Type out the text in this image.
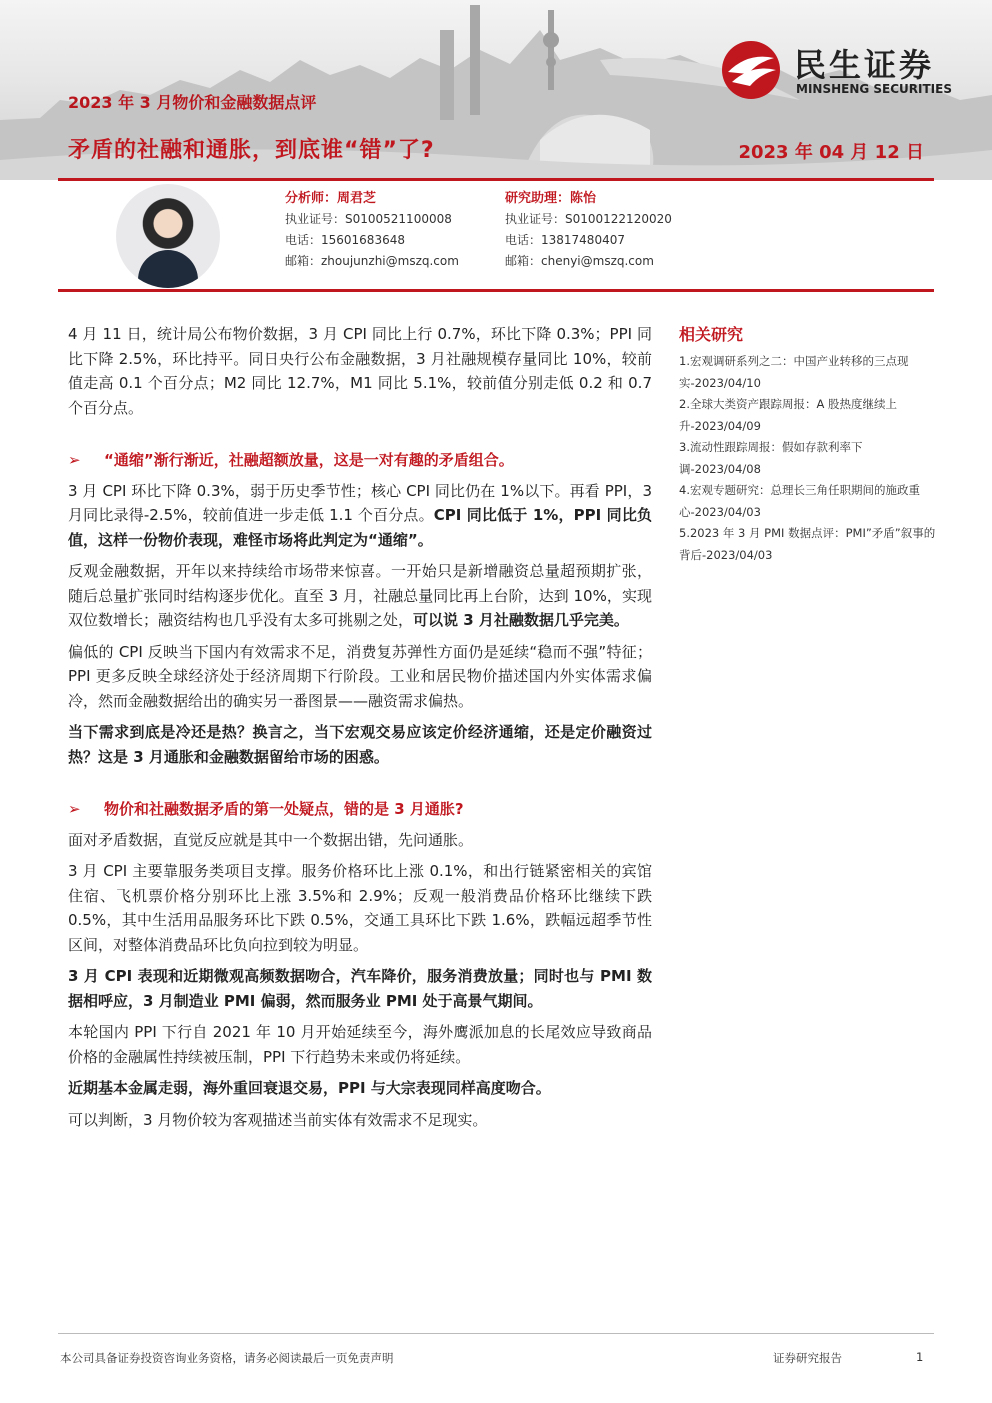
2023 年 3 月物价和金融数据点评
矛盾的社融和通胀，到底谁“错”了?	2023 年 04 月 12 日
民生证券
MINSHENG SECURITIES
分析师：周君芝
执业证号：S0100521100008
电话：15601683648
邮箱：zhoujunzhi@mszq.com
研究助理：陈怡
执业证号：S0100122120020
电话：13817480407
邮箱：chenyi@mszq.com

4 月 11 日，统计局公布物价数据，3 月 CPI 同比上行 0.7%，环比下降 0.3%；PPI 同比下降 2.5%，环比持平。同日央行公布金融数据，3 月社融规模存量同比 10%，较前值走高 0.1 个百分点；M2 同比 12.7%，M1 同比 5.1%，较前值分别走低 0.2 和 0.7 个百分点。

➢ “通缩”渐行渐近，社融超额放量，这是一对有趣的矛盾组合。

3 月 CPI 环比下降 0.3%，弱于历史季节性；核心 CPI 同比仍在 1%以下。再看 PPI，3 月同比录得-2.5%，较前值进一步走低 1.1 个百分点。CPI 同比低于 1%，PPI 同比负值，这样一份物价表现，难怪市场将此判定为“通缩”。

反观金融数据，开年以来持续给市场带来惊喜。一开始只是新增融资总量超预期扩张，随后总量扩张同时结构逐步优化。直至 3 月，社融总量同比再上台阶，达到 10%，实现双位数增长；融资结构也几乎没有太多可挑剔之处，可以说 3 月社融数据几乎完美。

偏低的 CPI 反映当下国内有效需求不足，消费复苏弹性方面仍是延续“稳而不强”特征；PPI 更多反映全球经济处于经济周期下行阶段。工业和居民物价描述国内外实体需求偏冷，然而金融数据给出的确实另一番图景——融资需求偏热。

当下需求到底是冷还是热？换言之，当下宏观交易应该定价经济通缩，还是定价融资过热？这是 3 月通胀和金融数据留给市场的困惑。

➢ 物价和社融数据矛盾的第一处疑点，错的是 3 月通胀?

面对矛盾数据，直觉反应就是其中一个数据出错，先问通胀。

3 月 CPI 主要靠服务类项目支撑。服务价格环比上涨 0.1%，和出行链紧密相关的宾馆住宿、飞机票价格分别环比上涨 3.5%和 2.9%；反观一般消费品价格环比继续下跌 0.5%，其中生活用品服务环比下跌 0.5%，交通工具环比下跌 1.6%，跌幅远超季节性区间，对整体消费品环比负向拉到较为明显。

3 月 CPI 表现和近期微观高频数据吻合，汽车降价，服务消费放量；同时也与 PMI 数据相呼应，3 月制造业 PMI 偏弱，然而服务业 PMI 处于高景气期间。

本轮国内 PPI 下行自 2021 年 10 月开始延续至今，海外鹰派加息的长尾效应导致商品价格的金融属性持续被压制，PPI 下行趋势未来或仍将延续。

近期基本金属走弱，海外重回衰退交易，PPI 与大宗表现同样高度吻合。

可以判断，3 月物价较为客观描述当前实体有效需求不足现实。

相关研究
1.宏观调研系列之二：中国产业转移的三点现实-2023/04/10
2.全球大类资产跟踪周报：A 股热度继续上升-2023/04/09
3.流动性跟踪周报：假如存款利率下调-2023/04/08
4.宏观专题研究：总理长三角任职期间的施政重心-2023/04/03
5.2023 年 3 月 PMI 数据点评：PMI”矛盾”叙事的背后-2023/04/03
本公司具备证券投资咨询业务资格，请务必阅读最后一页免责声明	证券研究报告	1
